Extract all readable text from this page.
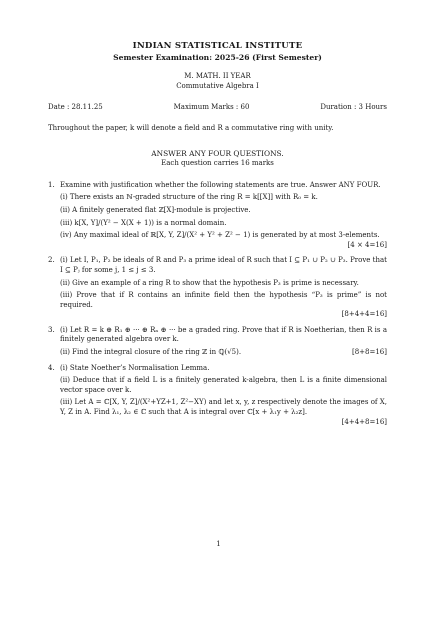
INDIAN STATISTICAL INSTITUTE
Semester Examination: 2025-26 (First Semester)
M. MATH. II YEAR
Commutative Algebra I
Date : 28.11.25	Maximum Marks : 60	Duration : 3 Hours
Throughout the paper, k will denote a field and R a commutative ring with unity.
ANSWER ANY FOUR QUESTIONS.
Each question carries 16 marks
1. Examine with justification whether the following statements are true. Answer ANY FOUR.
(i) There exists an ℕ-graded structure of the ring R = k[[X]] with R₀ = k.
(ii) A finitely generated flat ℤ[X]-module is projective.
(iii) k[X, Y]/(Y² − X(X + 1)) is a normal domain.
(iv) Any maximal ideal of ℝ[X, Y, Z]/(X² + Y² + Z² − 1) is generated by at most 3-elements.
[4 × 4=16]
2. (i) Let I, P₁, P₂ be ideals of R and P₃ a prime ideal of R such that I ⊆ P₁ ∪ P₂ ∪ P₃. Prove that I ⊆ Pⱼ for some j, 1 ≤ j ≤ 3.
(ii) Give an example of a ring R to show that the hypothesis P₃ is prime is necessary.
(iii) Prove that if R contains an infinite field then the hypothesis “P₃ is prime” is not required.
[8+4+4=16]
3. (i) Let R = k ⊕ R₁ ⊕ ··· ⊕ Rₙ ⊕ ··· be a graded ring. Prove that if R is Noetherian, then R is a finitely generated algebra over k.
(ii) Find the integral closure of the ring ℤ in ℚ(√5).	[8+8=16]
4. (i) State Noether’s Normalisation Lemma.
(ii) Deduce that if a field L is a finitely generated k-algebra, then L is a finite dimensional vector space over k.
(iii) Let A = ℂ[X, Y, Z]/(X²+YZ+1, Z²−XY) and let x, y, z respectively denote the images of X, Y, Z in A. Find λ₁, λ₂ ∈ ℂ such that A is integral over ℂ[x + λ₁y + λ₂z].
[4+4+8=16]
1
